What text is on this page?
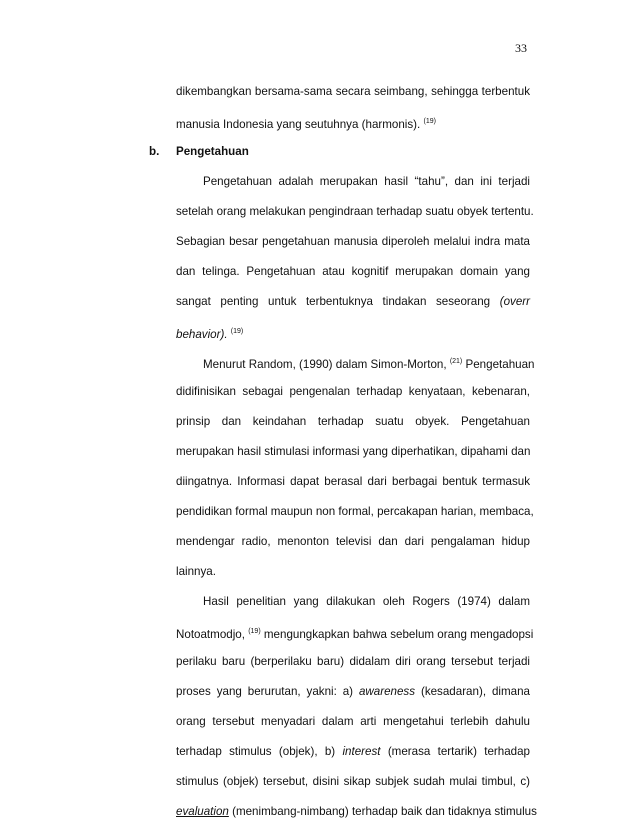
33
dikembangkan bersama-sama secara seimbang, sehingga terbentuk
manusia Indonesia yang seutuhnya (harmonis). $^{(19)}$
b. Pengetahuan
Pengetahuan adalah merupakan hasil “tahu”, dan ini terjadi
setelah orang melakukan pengindraan terhadap suatu obyek tertentu.
Sebagian besar pengetahuan manusia diperoleh melalui indra mata
dan telinga. Pengetahuan atau kognitif merupakan domain yang
sangat penting untuk terbentuknya tindakan seseorang (overr
behavior). $^{(19)}$
Menurut Random, (1990) dalam Simon-Morton, $^{(21)}$ Pengetahuan
didifinisikan sebagai pengenalan terhadap kenyataan, kebenaran,
prinsip dan keindahan terhadap suatu obyek. Pengetahuan
merupakan hasil stimulasi informasi yang diperhatikan, dipahami dan
diingatnya. Informasi dapat berasal dari berbagai bentuk termasuk
pendidikan formal maupun non formal, percakapan harian, membaca,
mendengar radio, menonton televisi dan dari pengalaman hidup
lainnya.
Hasil penelitian yang dilakukan oleh Rogers (1974) dalam
Notoatmodjo, $^{(19)}$ mengungkapkan bahwa sebelum orang mengadopsi
perilaku baru (berperilaku baru) didalam diri orang tersebut terjadi
proses yang berurutan, yakni: a) awareness (kesadaran), dimana
orang tersebut menyadari dalam arti mengetahui terlebih dahulu
terhadap stimulus (objek), b) interest (merasa tertarik) terhadap
stimulus (objek) tersebut, disini sikap subjek sudah mulai timbul, c)
evaluation (menimbang-nimbang) terhadap baik dan tidaknya stimulus
